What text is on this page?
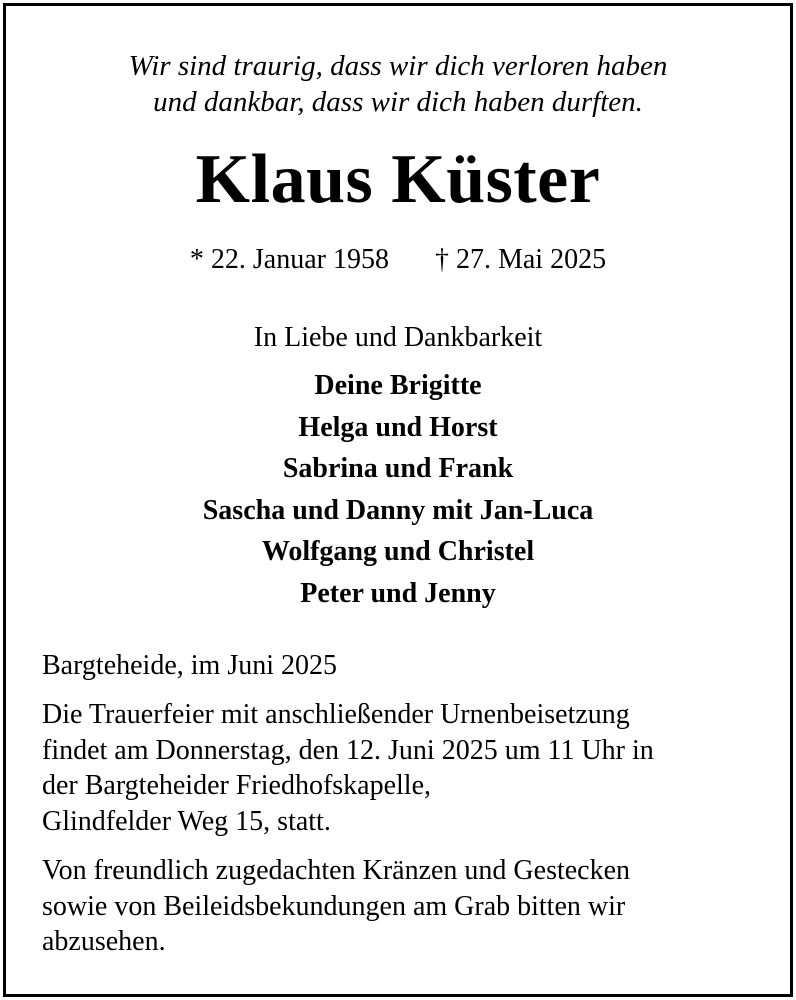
Wir sind traurig, dass wir dich verloren haben
und dankbar, dass wir dich haben durften.

Klaus Küster

* 22. Januar 1958 † 27. Mai 2025

In Liebe und Dankbarkeit

Deine Brigitte
Helga und Horst
Sabrina und Frank
Sascha und Danny mit Jan-Luca
Wolfgang und Christel
Peter und Jenny

Bargteheide, im Juni 2025

Die Trauerfeier mit anschließender Urnenbeisetzung
findet am Donnerstag, den 12. Juni 2025 um 11 Uhr in
der Bargteheider Friedhofskapelle,
Glindfelder Weg 15, statt.

Von freundlich zugedachten Kränzen und Gestecken
sowie von Beileidsbekundungen am Grab bitten wir
abzusehen.
